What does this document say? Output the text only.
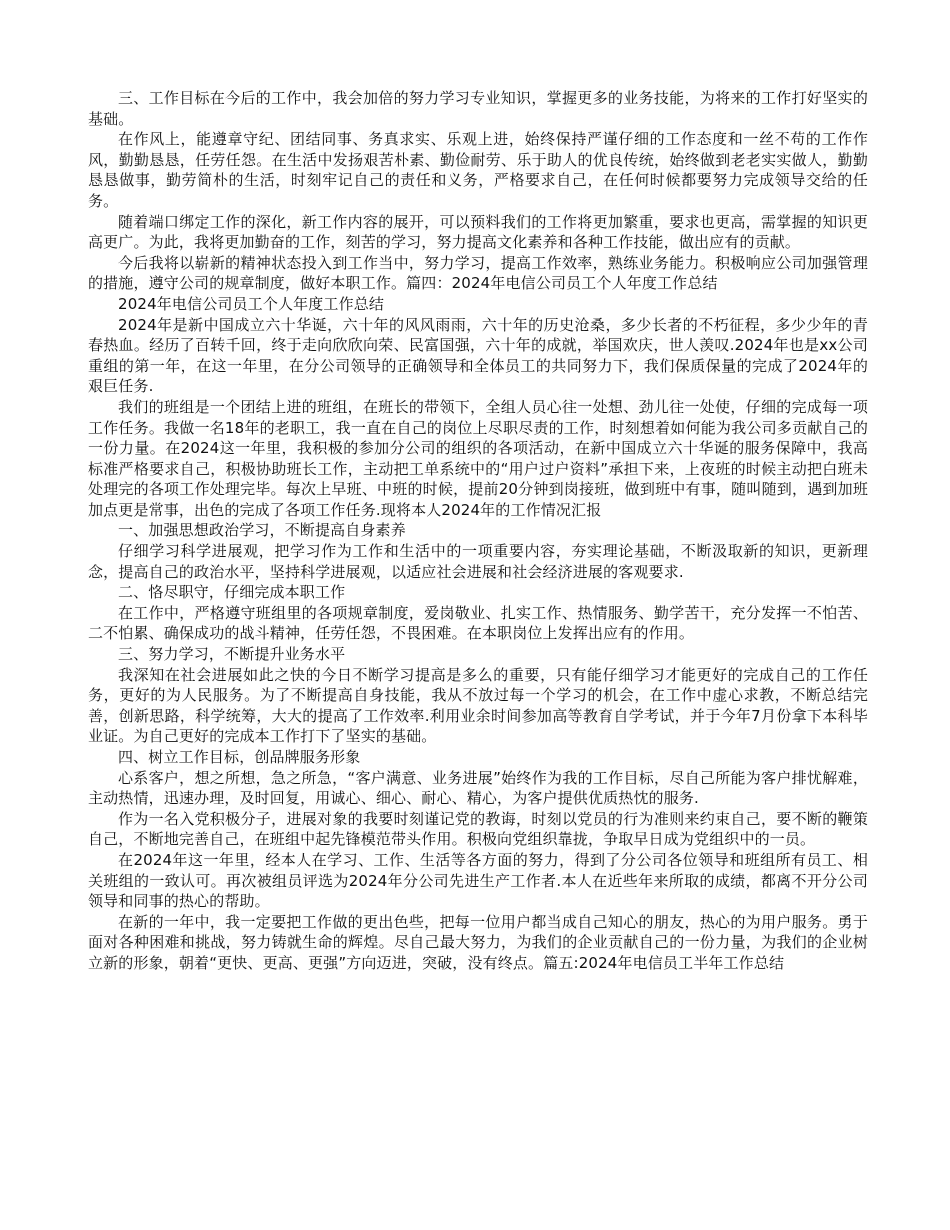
三、工作目标在今后的工作中，我会加倍的努力学习专业知识，掌握更多的业务技能，为将来的工作打好坚实的基础。

在作风上，能遵章守纪、团结同事、务真求实、乐观上进，始终保持严谨仔细的工作态度和一丝不苟的工作作风，勤勤恳恳，任劳任怨。在生活中发扬艰苦朴素、勤俭耐劳、乐于助人的优良传统，始终做到老老实实做人，勤勤恳恳做事，勤劳简朴的生活，时刻牢记自己的责任和义务，严格要求自己，在任何时候都要努力完成领导交给的任务。

随着端口绑定工作的深化，新工作内容的展开，可以预料我们的工作将更加繁重，要求也更高，需掌握的知识更高更广。为此，我将更加勤奋的工作，刻苦的学习，努力提高文化素养和各种工作技能，做出应有的贡献。

今后我将以崭新的精神状态投入到工作当中，努力学习，提高工作效率，熟练业务能力。积极响应公司加强管理的措施，遵守公司的规章制度，做好本职工作。篇四：2024年电信公司员工个人年度工作总结

2024年电信公司员工个人年度工作总结

2024年是新中国成立六十华诞，六十年的风风雨雨，六十年的历史沧桑，多少长者的不朽征程，多少少年的青春热血。经历了百转千回，终于走向欣欣向荣、民富国强，六十年的成就，举国欢庆，世人羡叹.2024年也是xx公司重组的第一年，在这一年里，在分公司领导的正确领导和全体员工的共同努力下，我们保质保量的完成了2024年的艰巨任务.

我们的班组是一个团结上进的班组，在班长的带领下，全组人员心往一处想、劲儿往一处使，仔细的完成每一项工作任务。我做一名18年的老职工，我一直在自己的岗位上尽职尽责的工作，时刻想着如何能为我公司多贡献自己的一份力量。在2024这一年里，我积极的参加分公司的组织的各项活动，在新中国成立六十华诞的服务保障中，我高标准严格要求自己，积极协助班长工作，主动把工单系统中的“用户过户资料”承担下来，上夜班的时候主动把白班未处理完的各项工作处理完毕。每次上早班、中班的时候，提前20分钟到岗接班，做到班中有事，随叫随到，遇到加班加点更是常事，出色的完成了各项工作任务.现将本人2024年的工作情况汇报

一、加强思想政治学习，不断提高自身素养

仔细学习科学进展观，把学习作为工作和生活中的一项重要内容，夯实理论基础，不断汲取新的知识，更新理念，提高自己的政治水平，坚持科学进展观，以适应社会进展和社会经济进展的客观要求.

二、恪尽职守，仔细完成本职工作

在工作中，严格遵守班组里的各项规章制度，爱岗敬业、扎实工作、热情服务、勤学苦干，充分发挥一不怕苦、二不怕累、确保成功的战斗精神，任劳任怨，不畏困难。在本职岗位上发挥出应有的作用。

三、努力学习，不断提升业务水平

我深知在社会进展如此之快的今日不断学习提高是多么的重要，只有能仔细学习才能更好的完成自己的工作任务，更好的为人民服务。为了不断提高自身技能，我从不放过每一个学习的机会，在工作中虚心求教，不断总结完善，创新思路，科学统筹，大大的提高了工作效率.利用业余时间参加高等教育自学考试，并于今年7月份拿下本科毕业证。为自己更好的完成本工作打下了坚实的基础。

四、树立工作目标，创品牌服务形象

心系客户，想之所想，急之所急，“客户满意、业务进展”始终作为我的工作目标，尽自己所能为客户排忧解难，主动热情，迅速办理，及时回复，用诚心、细心、耐心、精心，为客户提供优质热忱的服务.

作为一名入党积极分子，进展对象的我要时刻谨记党的教诲，时刻以党员的行为准则来约束自己，要不断的鞭策自己，不断地完善自己，在班组中起先锋模范带头作用。积极向党组织靠拢，争取早日成为党组织中的一员。

在2024年这一年里，经本人在学习、工作、生活等各方面的努力，得到了分公司各位领导和班组所有员工、相关班组的一致认可。再次被组员评选为2024年分公司先进生产工作者.本人在近些年来所取的成绩，都离不开分公司领导和同事的热心的帮助。

在新的一年中，我一定要把工作做的更出色些，把每一位用户都当成自己知心的朋友，热心的为用户服务。勇于面对各种困难和挑战，努力铸就生命的辉煌。尽自己最大努力，为我们的企业贡献自己的一份力量，为我们的企业树立新的形象，朝着“更快、更高、更强”方向迈进，突破，没有终点。篇五:2024年电信员工半年工作总结
